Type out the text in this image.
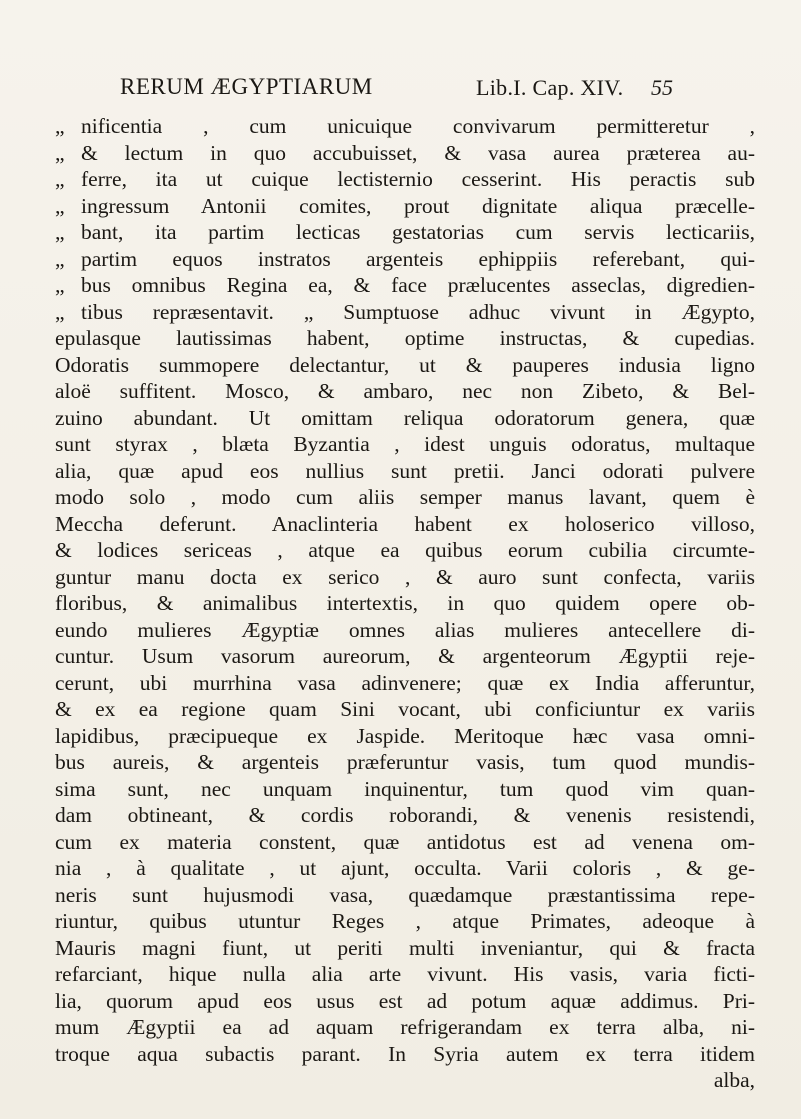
RERUM ÆGYPTIARUM	Lib.I. Cap. XIV. 55
„ nificentia , cum unicuique convivarum permitteretur ,
„ & lectum in quo accubuisset, & vasa aurea præterea au-
„ ferre, ita ut cuique lectisternio cesserint. His peractis sub
„ ingressum Antonii comites, prout dignitate aliqua præcelle-
„ bant, ita partim lecticas gestatorias cum servis lecticariis,
„ partim equos instratos argenteis ephippiis referebant, qui-
„ bus omnibus Regina ea, & face prælucentes asseclas, digredien-
„ tibus repræsentavit. „ Sumptuose adhuc vivunt in Ægypto,
epulasque lautissimas habent, optime instructas, & cupedias.
Odoratis summopere delectantur, ut & pauperes indusia ligno
aloë suffitent. Mosco, & ambaro, nec non Zibeto, & Bel-
zuino abundant. Ut omittam reliqua odoratorum genera, quæ
sunt styrax , blæta Byzantia , idest unguis odoratus, multaque
alia, quæ apud eos nullius sunt pretii. Janci odorati pulvere
modo solo , modo cum aliis semper manus lavant, quem è
Meccha deferunt. Anaclinteria habent ex holoserico villoso,
& lodices sericeas , atque ea quibus eorum cubilia circumte-
guntur manu docta ex serico , & auro sunt confecta, variis
floribus, & animalibus intertextis, in quo quidem opere ob-
eundo mulieres Ægyptiæ omnes alias mulieres antecellere di-
cuntur. Usum vasorum aureorum, & argenteorum Ægyptii reje-
cerunt, ubi murrhina vasa adinvenere; quæ ex India afferuntur,
& ex ea regione quam Sini vocant, ubi conficiuntur ex variis
lapidibus, præcipueque ex Jaspide. Meritoque hæc vasa omni-
bus aureis, & argenteis præferuntur vasis, tum quod mundis-
sima sunt, nec unquam inquinentur, tum quod vim quan-
dam obtineant, & cordis roborandi, & venenis resistendi,
cum ex materia constent, quæ antidotus est ad venena om-
nia , à qualitate , ut ajunt, occulta. Varii coloris , & ge-
neris sunt hujusmodi vasa, quædamque præstantissima repe-
riuntur, quibus utuntur Reges , atque Primates, adeoque à
Mauris magni fiunt, ut periti multi inveniantur, qui & fracta
refarciant, hique nulla alia arte vivunt. His vasis, varia ficti-
lia, quorum apud eos usus est ad potum aquæ addimus. Pri-
mum Ægyptii ea ad aquam refrigerandam ex terra alba, ni-
troque aqua subactis parant. In Syria autem ex terra itidem
alba,
